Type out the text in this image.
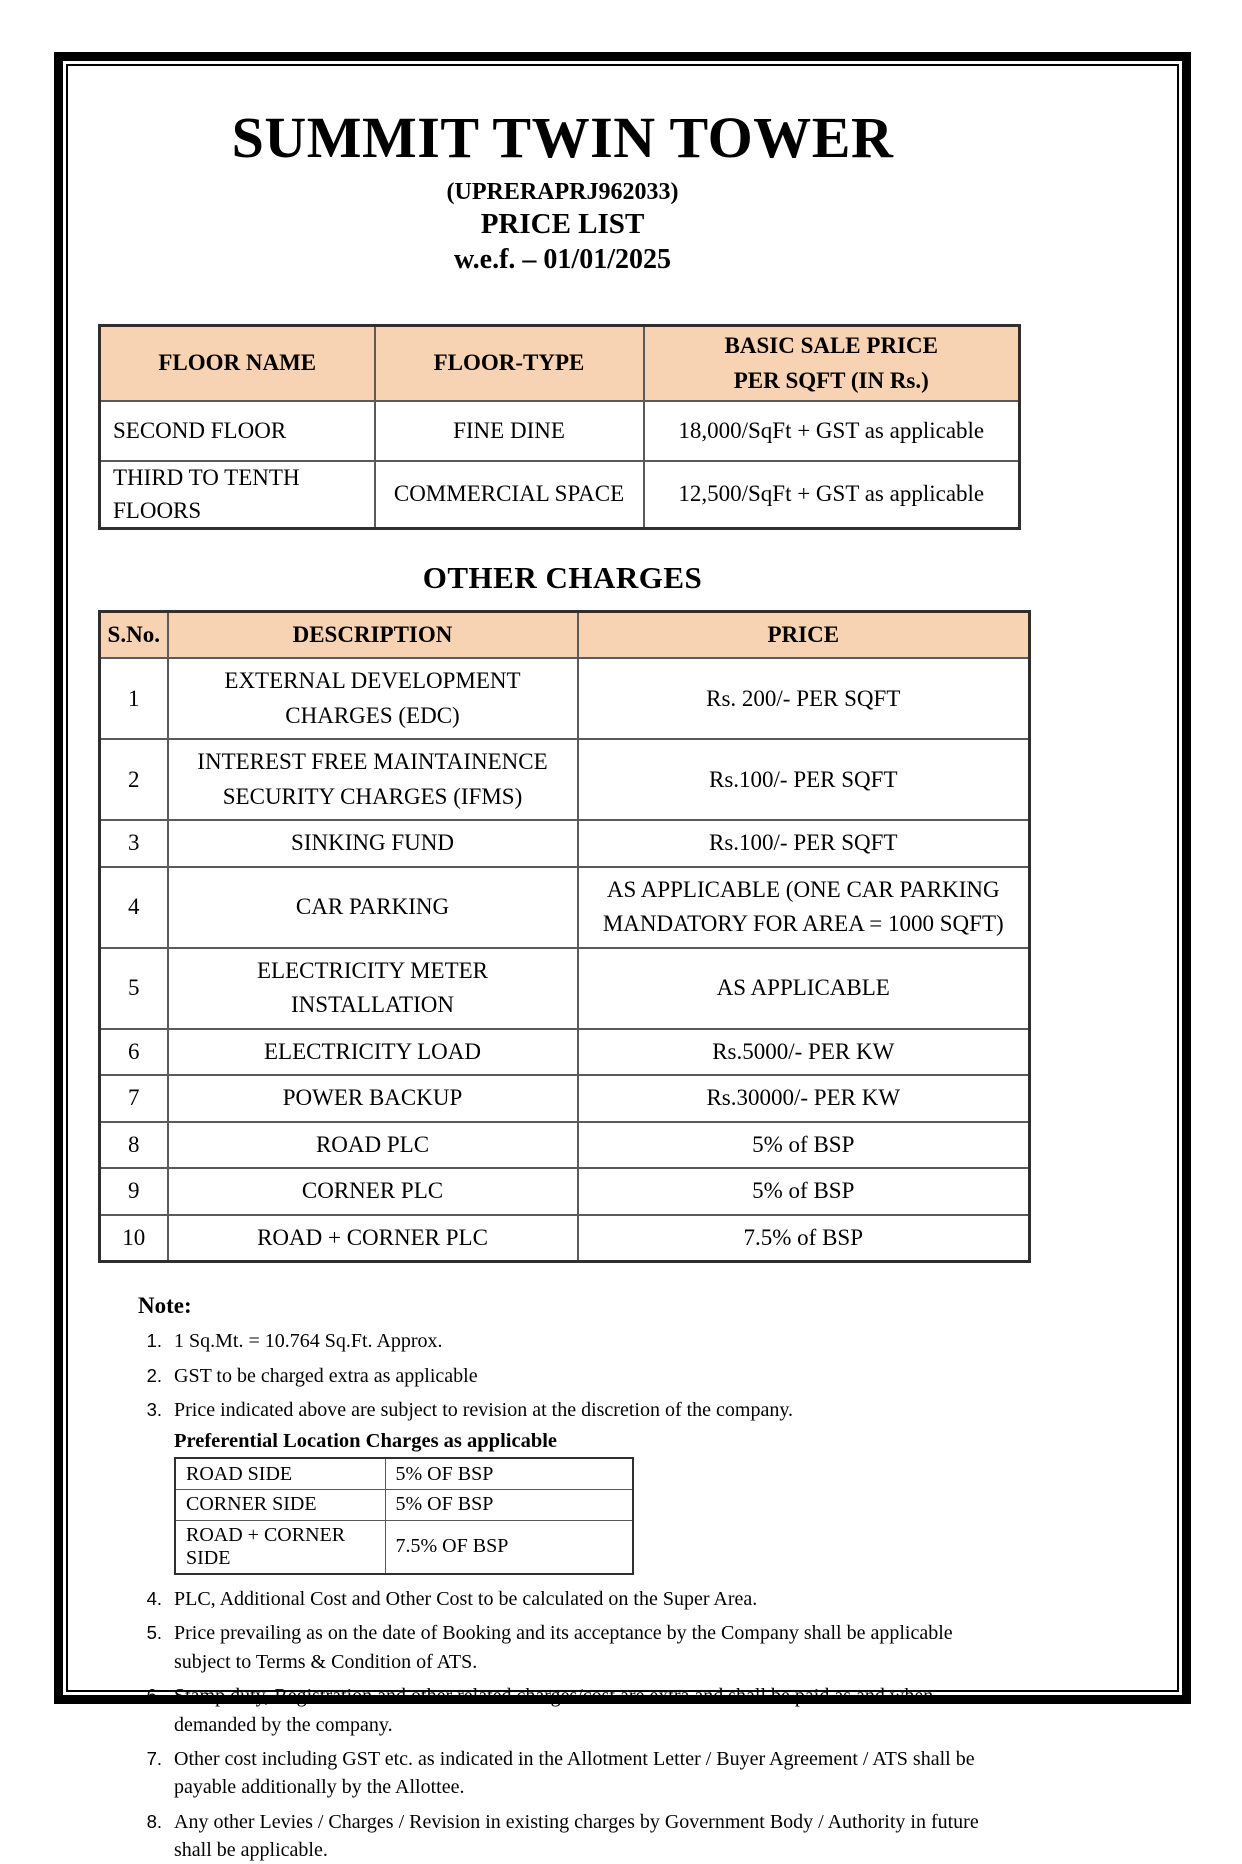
SUMMIT TWIN TOWER
(UPRERAPRJ962033)
PRICE LIST
w.e.f. – 01/01/2025
FLOOR NAME	FLOOR-TYPE	BASIC SALE PRICE
PER SQFT (IN Rs.)

SECOND FLOOR	FINE DINE	18,000/SqFt + GST as applicable
THIRD TO TENTH FLOORS	COMMERCIAL SPACE	12,500/SqFt + GST as applicable
OTHER CHARGES
S.No.	DESCRIPTION	PRICE
1	EXTERNAL DEVELOPMENT CHARGES (EDC)	Rs. 200/- PER SQFT
2	INTEREST FREE MAINTAINENCE SECURITY CHARGES (IFMS)	Rs.100/- PER SQFT
3	SINKING FUND	Rs.100/- PER SQFT
4	CAR PARKING	AS APPLICABLE (ONE CAR PARKING MANDATORY FOR AREA = 1000 SQFT)
5	ELECTRICITY METER INSTALLATION	AS APPLICABLE
6	ELECTRICITY LOAD	Rs.5000/- PER KW
7	POWER BACKUP	Rs.30000/- PER KW
8	ROAD PLC	5% of BSP
9	CORNER PLC	5% of BSP
10	ROAD + CORNER PLC	7.5% of BSP
Note:
1. 1 Sq.Mt. = 10.764 Sq.Ft. Approx.
2. GST to be charged extra as applicable
3. Price indicated above are subject to revision at the discretion of the company.
Preferential Location Charges as applicable
ROAD SIDE	5% OF BSP
CORNER SIDE	5% OF BSP
ROAD + CORNER SIDE	7.5% OF BSP
4. PLC, Additional Cost and Other Cost to be calculated on the Super Area.
5. Price prevailing as on the date of Booking and its acceptance by the Company shall be applicable subject to Terms & Condition of ATS.
6. Stamp duty, Registration and other related charges/cost are extra and shall be paid as and when demanded by the company.
7. Other cost including GST etc. as indicated in the Allotment Letter / Buyer Agreement / ATS shall be payable additionally by the Allottee.
8. Any other Levies / Charges / Revision in existing charges by Government Body / Authority in future shall be applicable.
